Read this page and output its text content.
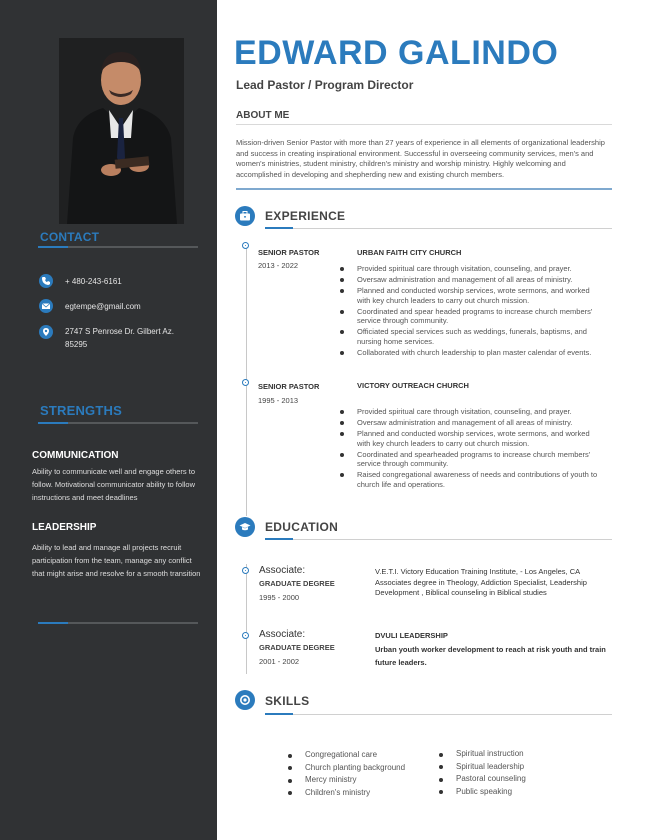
CONTACT
+ 480-243-6161
egtempe@gmail.com
2747 S Penrose Dr. Gilbert Az.
85295
STRENGTHS
COMMUNICATION
Ability to communicate well and engage others to follow. Motivational communicator ability to follow instructions and meet deadlines
LEADERSHIP
Ability to lead and manage all projects recruit participation from the team, manage any conflict that might arise and resolve for a smooth transition
EDWARD GALINDO
Lead Pastor / Program Director
ABOUT ME
Mission-driven Senior Pastor with more than 27 years of experience in all elements of organizational leadership and success in creating inspirational environment. Successful in overseeing community services, men's and women's ministries, student ministry, children's ministry and worship ministry. Highly welcoming and accomplished in developing and shepherding new and existing church members.
EXPERIENCE
SENIOR PASTOR
2013 - 2022
URBAN FAITH CITY CHURCH
Provided spiritual care through visitation, counseling, and prayer.
Oversaw administration and management of all areas of ministry.
Planned and conducted worship services, wrote sermons, and worked with key church leaders to carry out church mission.
Coordinated and spear headed programs to increase church members' service through community.
Officiated special services such as weddings, funerals, baptisms, and nursing home services.
Collaborated with church leadership to plan master calendar of events.
SENIOR PASTOR
1995 - 2013
VICTORY OUTREACH CHURCH
Provided spiritual care through visitation, counseling, and prayer.
Oversaw administration and management of all areas of ministry.
Planned and conducted worship services, wrote sermons, and worked with key church leaders to carry out church mission.
Coordinated and spearheaded programs to increase church members' service through community.
Raised congregational awareness of needs and contributions of youth to church life and operations.
EDUCATION
Associate:
GRADUATE DEGREE
1995 - 2000
V.E.T.I. Victory Education Training Institute, - Los Angeles, CA Associates degree in Theology, Addiction Specialist, Leadership Development , Biblical counseling in Biblical studies
Associate:
GRADUATE DEGREE
2001 - 2002
DVULI LEADERSHIP
Urban youth worker development to reach at risk youth and train future leaders.
SKILLS
Congregational care
Church planting background
Mercy ministry
Children's ministry
Spiritual instruction
Spiritual leadership
Pastoral counseling
Public speaking
